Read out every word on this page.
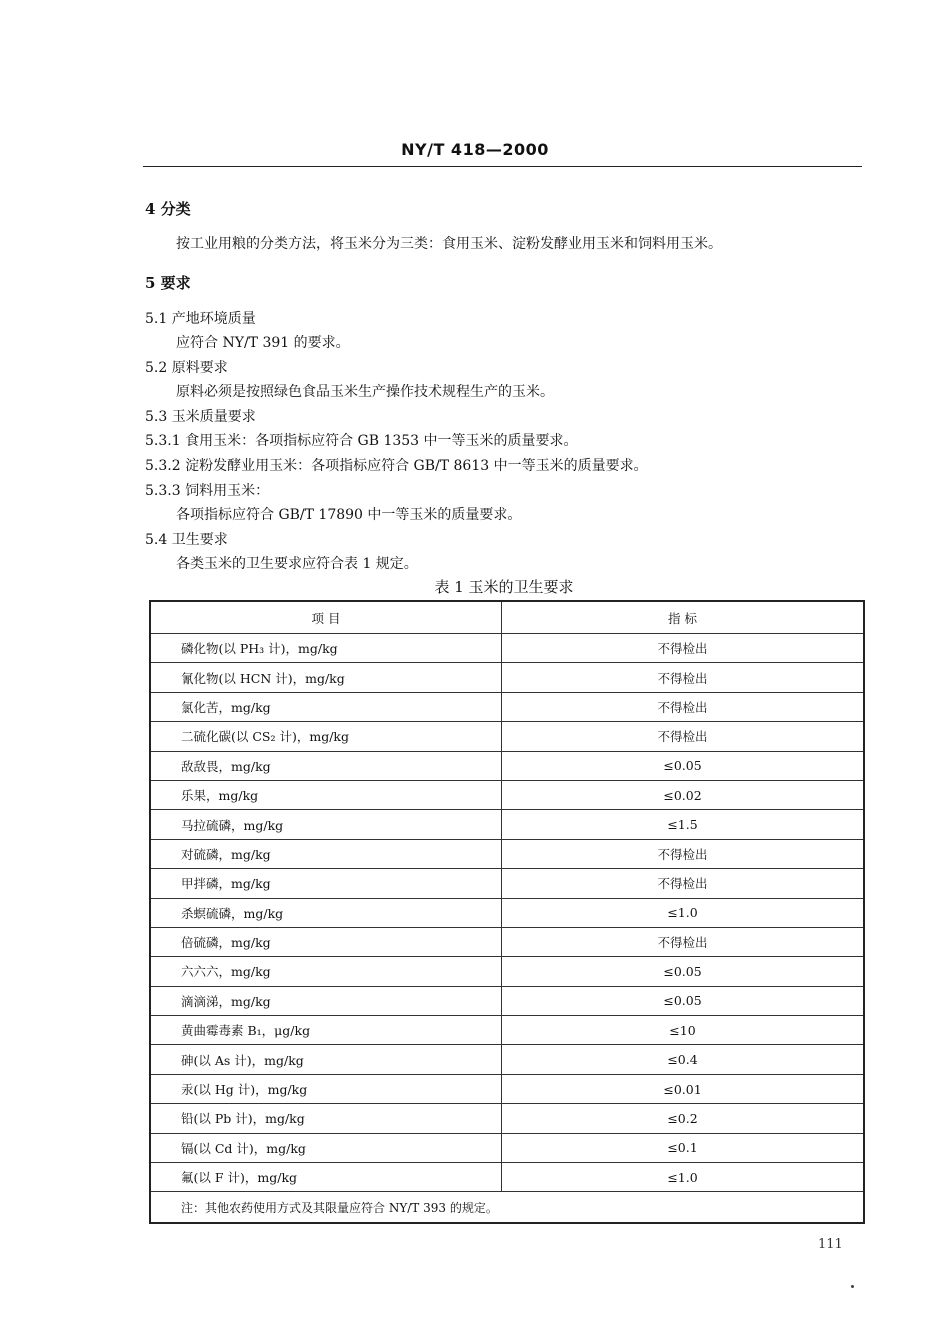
NY/T 418—2000
4 分类
按工业用粮的分类方法，将玉米分为三类：食用玉米、淀粉发酵业用玉米和饲料用玉米。
5 要求
5.1 产地环境质量
应符合 NY/T 391 的要求。
5.2 原料要求
原料必须是按照绿色食品玉米生产操作技术规程生产的玉米。
5.3 玉米质量要求
5.3.1 食用玉米：各项指标应符合 GB 1353 中一等玉米的质量要求。
5.3.2 淀粉发酵业用玉米：各项指标应符合 GB/T 8613 中一等玉米的质量要求。
5.3.3 饲料用玉米：
各项指标应符合 GB/T 17890 中一等玉米的质量要求。
5.4 卫生要求
各类玉米的卫生要求应符合表 1 规定。
表 1 玉米的卫生要求
项 目	指 标
磷化物(以 PH₃ 计)，mg/kg	不得检出
氰化物(以 HCN 计)，mg/kg	不得检出
氯化苦，mg/kg	不得检出
二硫化碳(以 CS₂ 计)，mg/kg	不得检出
敌敌畏，mg/kg	≤0.05
乐果，mg/kg	≤0.02
马拉硫磷，mg/kg	≤1.5
对硫磷，mg/kg	不得检出
甲拌磷，mg/kg	不得检出
杀螟硫磷，mg/kg	≤1.0
倍硫磷，mg/kg	不得检出
六六六，mg/kg	≤0.05
滴滴涕，mg/kg	≤0.05
黄曲霉毒素 B₁，μg/kg	≤10
砷(以 As 计)，mg/kg	≤0.4
汞(以 Hg 计)，mg/kg	≤0.01
铅(以 Pb 计)，mg/kg	≤0.2
镉(以 Cd 计)，mg/kg	≤0.1
氟(以 F 计)，mg/kg	≤1.0
注：其他农药使用方式及其限量应符合 NY/T 393 的规定。	
111
